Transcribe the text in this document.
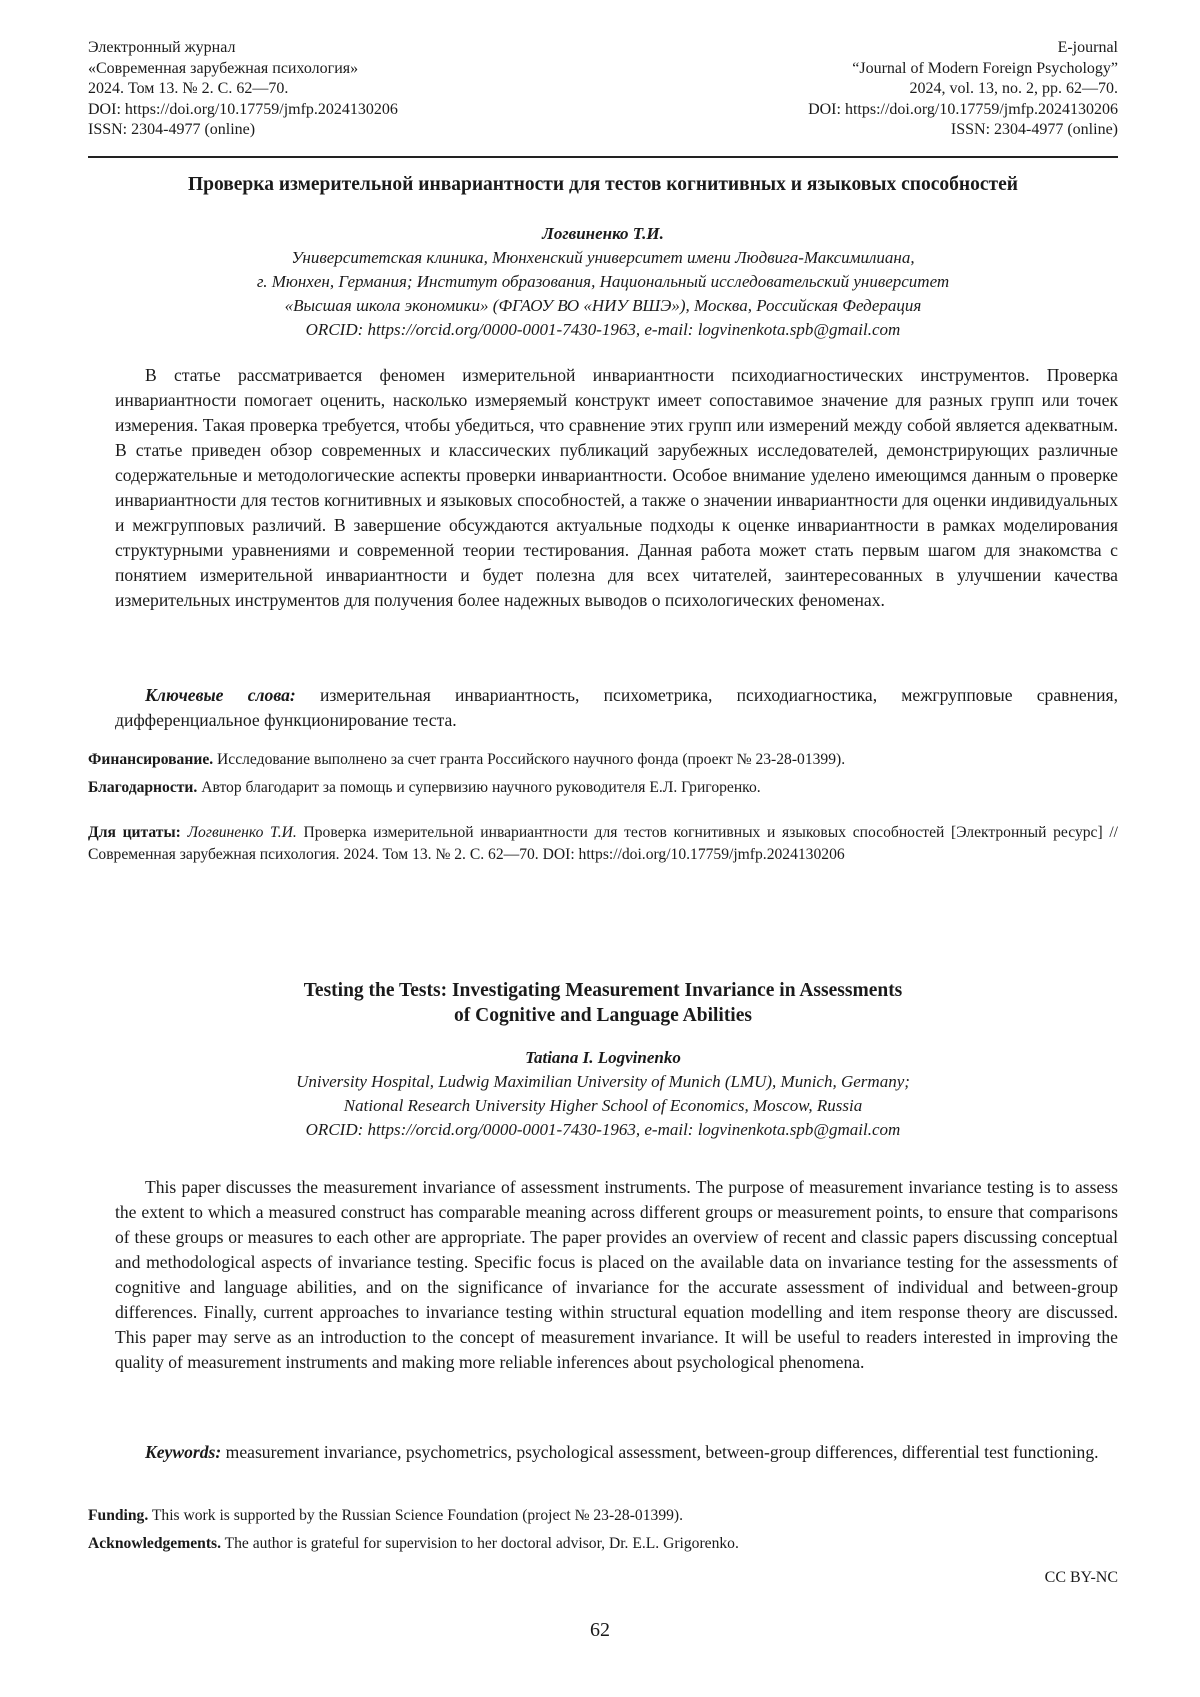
Электронный журнал
«Современная зарубежная психология»
2024. Том 13. № 2. С. 62—70.
DOI: https://doi.org/10.17759/jmfp.2024130206
ISSN: 2304-4977 (online)
E-journal
“Journal of Modern Foreign Psychology”
2024, vol. 13, no. 2, pp. 62—70.
DOI: https://doi.org/10.17759/jmfp.2024130206
ISSN: 2304-4977 (online)
Проверка измерительной инвариантности для тестов когнитивных и языковых способностей
Логвиненко Т.И.
Университетская клиника, Мюнхенский университет имени Людвига-Максимилиана,
г. Мюнхен, Германия; Институт образования, Национальный исследовательский университет
«Высшая школа экономики» (ФГАОУ ВО «НИУ ВШЭ»), Москва, Российская Федерация
ORCID: https://orcid.org/0000-0001-7430-1963, e-mail: logvinenkota.spb@gmail.com

В статье рассматривается феномен измерительной инвариантности психодиагностических инструментов. Проверка инвариантности помогает оценить, насколько измеряемый конструкт имеет сопоставимое значение для разных групп или точек измерения. Такая проверка требуется, чтобы убедиться, что сравнение этих групп или измерений между собой является адекватным. В статье приведен обзор современных и классических публикаций зарубежных исследователей, демонстрирующих различные содержательные и методологические аспекты проверки инвариантности. Особое внимание уделено имеющимся данным о проверке инвариантности для тестов когнитивных и языковых способностей, а также о значении инвариантности для оценки индивидуальных и межгрупповых различий. В завершение обсуждаются актуальные подходы к оценке инвариантности в рамках моделирования структурными уравнениями и современной теории тестирования. Данная работа может стать первым шагом для знакомства с понятием измерительной инвариантности и будет полезна для всех читателей, заинтересованных в улучшении качества измерительных инструментов для получения более надежных выводов о психологических феноменах.

Ключевые слова: измерительная инвариантность, психометрика, психодиагностика, межгрупповые сравнения, дифференциальное функционирование теста.

Финансирование. Исследование выполнено за счет гранта Российского научного фонда (проект № 23-28-01399).

Благодарности. Автор благодарит за помощь и супервизию научного руководителя Е.Л. Григоренко.

Для цитаты: Логвиненко Т.И. Проверка измерительной инвариантности для тестов когнитивных и языковых способностей [Электронный ресурс] // Современная зарубежная психология. 2024. Том 13. № 2. С. 62—70. DOI: https://doi.org/10.17759/jmfp.2024130206

Testing the Tests: Investigating Measurement Invariance in Assessments
of Cognitive and Language Abilities
Tatiana I. Logvinenko
University Hospital, Ludwig Maximilian University of Munich (LMU), Munich, Germany;
National Research University Higher School of Economics, Moscow, Russia
ORCID: https://orcid.org/0000-0001-7430-1963, e-mail: logvinenkota.spb@gmail.com

This paper discusses the measurement invariance of assessment instruments. The purpose of measurement invariance testing is to assess the extent to which a measured construct has comparable meaning across different groups or measurement points, to ensure that comparisons of these groups or measures to each other are appropriate. The paper provides an overview of recent and classic papers discussing conceptual and methodological aspects of invariance testing. Specific focus is placed on the available data on invariance testing for the assessments of cognitive and language abilities, and on the significance of invariance for the accurate assessment of individual and between-group differences. Finally, current approaches to invariance testing within structural equation modelling and item response theory are discussed. This paper may serve as an introduction to the concept of measurement invariance. It will be useful to readers interested in improving the quality of measurement instruments and making more reliable inferences about psychological phenomena.

Keywords: measurement invariance, psychometrics, psychological assessment, between-group differences, differential test functioning.

Funding. This work is supported by the Russian Science Foundation (project № 23-28-01399).

Acknowledgements. The author is grateful for supervision to her doctoral advisor, Dr. E.L. Grigorenko.

CC BY-NC
62
